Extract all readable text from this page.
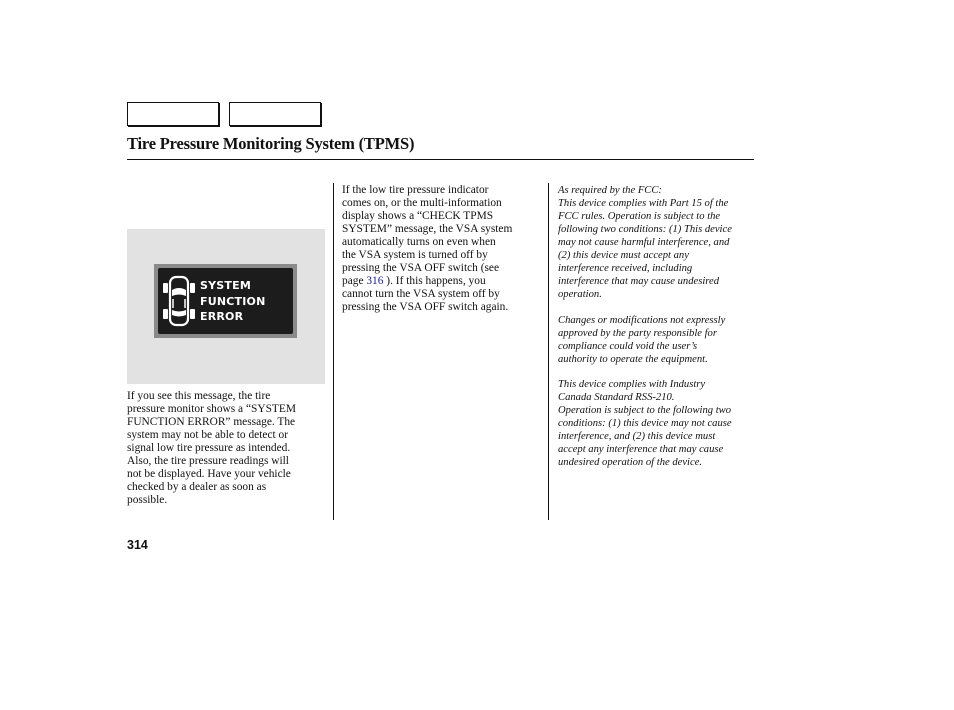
Tire Pressure Monitoring System (TPMS)
SYSTEM
FUNCTION
ERROR
If you see this message, the tire
pressure monitor shows a “SYSTEM
FUNCTION ERROR” message. The
system may not be able to detect or
signal low tire pressure as intended.
Also, the tire pressure readings will
not be displayed. Have your vehicle
checked by a dealer as soon as
possible.
If the low tire pressure indicator
comes on, or the multi-information
display shows a “CHECK TPMS
SYSTEM” message, the VSA system
automatically turns on even when
the VSA system is turned off by
pressing the VSA OFF switch (see
page 316 ). If this happens, you
cannot turn the VSA system off by
pressing the VSA OFF switch again.
As required by the FCC:
This device complies with Part 15 of the
FCC rules. Operation is subject to the
following two conditions: (1) This device
may not cause harmful interference, and
(2) this device must accept any
interference received, including
interference that may cause undesired
operation.
Changes or modifications not expressly
approved by the party responsible for
compliance could void the user’s
authority to operate the equipment.
This device complies with Industry
Canada Standard RSS-210.
Operation is subject to the following two
conditions: (1) this device may not cause
interference, and (2) this device must
accept any interference that may cause
undesired operation of the device.
314
